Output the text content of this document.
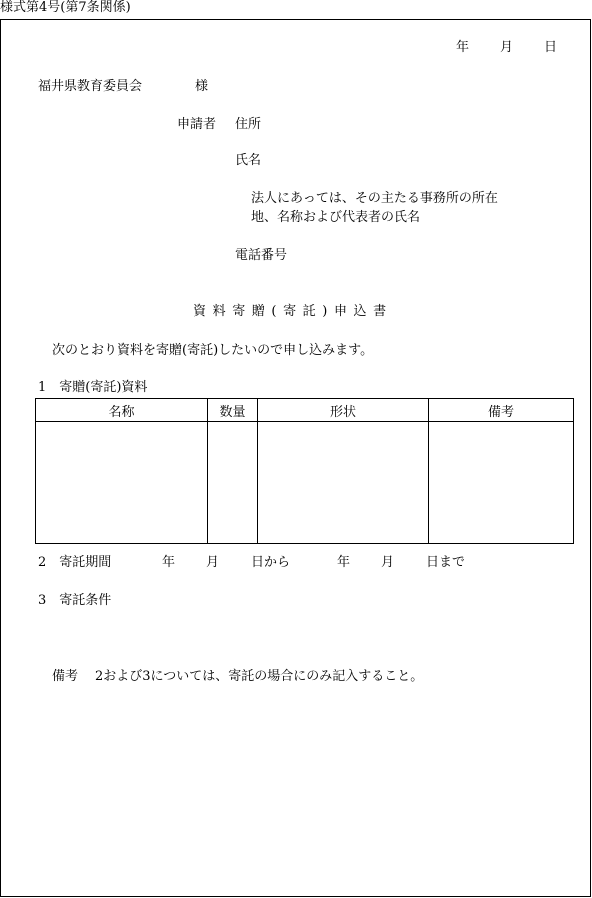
様式第4号(第7条関係)
年 月 日
福井県教育委員会	様
申請者 住所
氏名
法人にあっては、その主たる事務所の所在
地、名称および代表者の氏名
電話番号
資料寄贈(寄託)申込書
次のとおり資料を寄贈(寄託)したいので申し込みます。
1　寄贈(寄託)資料
名称	数量	形状	備考

2　寄託期間	年 月 日から	年 月 日まで
3　寄託条件
備考 2および3については、寄託の場合にのみ記入すること。
